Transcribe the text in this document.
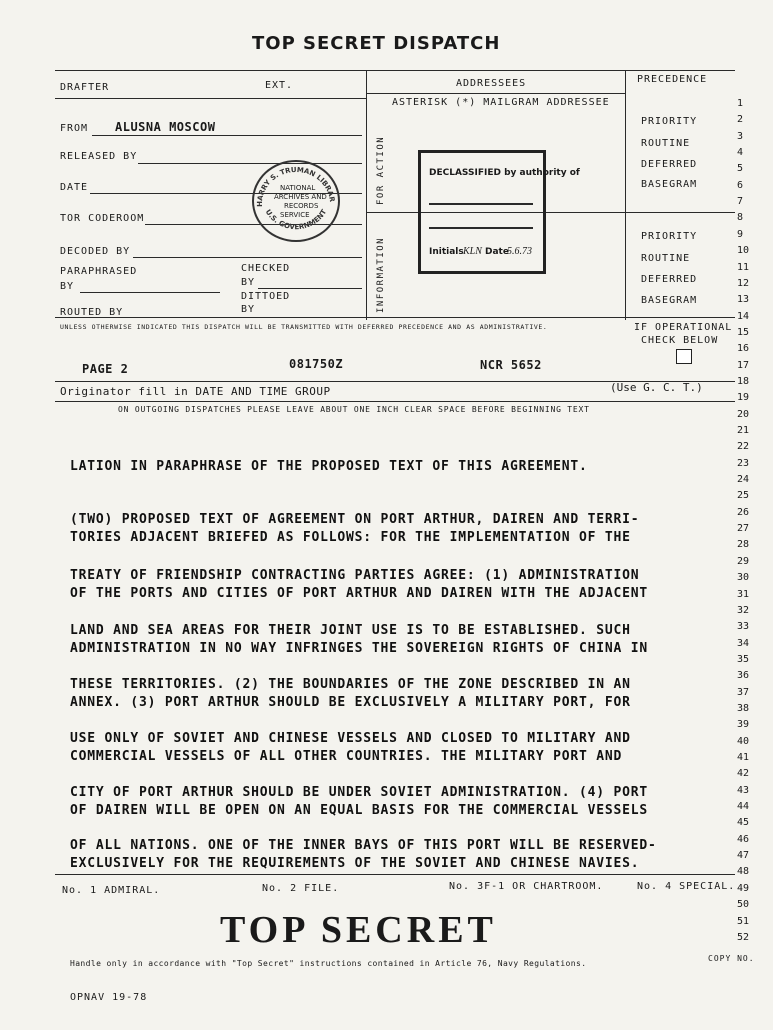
TOP SECRET DISPATCH
DRAFTER	EXT.	ADDRESSEES	PRECEDENCE
ASTERISK (*) MAILGRAM ADDRESSEE
FROM ALUSNA MOSCOW
RELEASED BY
DATE
TOR CODEROOM
DECODED BY
PARAPHRASED
BY
CHECKED
BY
DITTOED
BY
ROUTED BY
FOR ACTION
INFORMATION
PRIORITY
ROUTINE
DEFERRED
BASEGRAM
PRIORITY
ROUTINE
DEFERRED
BASEGRAM
HARRY S. TRUMAN LIBRAR
U.S. GOVERNMENT
NATIONAL
ARCHIVES AND
RECORDS
SERVICE
DECLASSIFIED by authority of
Initials KLN Date
5.6.73
UNLESS OTHERWISE INDICATED THIS DISPATCH WILL BE TRANSMITTED WITH DEFERRED PRECEDENCE AND AS ADMINISTRATIVE.	IF OPERATIONAL
CHECK BELOW
PAGE 2	081750Z	NCR 5652
Originator fill in DATE AND TIME GROUP	(Use G. C. T.)
ON OUTGOING DISPATCHES PLEASE LEAVE ABOUT ONE INCH CLEAR SPACE BEFORE BEGINNING TEXT
LATION IN PARAPHRASE OF THE PROPOSED TEXT OF THIS AGREEMENT.
(TWO) PROPOSED TEXT OF AGREEMENT ON PORT ARTHUR, DAIREN AND TERRI-
TORIES ADJACENT BRIEFED AS FOLLOWS: FOR THE IMPLEMENTATION OF THE
TREATY OF FRIENDSHIP CONTRACTING PARTIES AGREE: (1) ADMINISTRATION
OF THE PORTS AND CITIES OF PORT ARTHUR AND DAIREN WITH THE ADJACENT
LAND AND SEA AREAS FOR THEIR JOINT USE IS TO BE ESTABLISHED. SUCH
ADMINISTRATION IN NO WAY INFRINGES THE SOVEREIGN RIGHTS OF CHINA IN
THESE TERRITORIES. (2) THE BOUNDARIES OF THE ZONE DESCRIBED IN AN
ANNEX. (3) PORT ARTHUR SHOULD BE EXCLUSIVELY A MILITARY PORT, FOR
USE ONLY OF SOVIET AND CHINESE VESSELS AND CLOSED TO MILITARY AND
COMMERCIAL VESSELS OF ALL OTHER COUNTRIES. THE MILITARY PORT AND
CITY OF PORT ARTHUR SHOULD BE UNDER SOVIET ADMINISTRATION. (4) PORT
OF DAIREN WILL BE OPEN ON AN EQUAL BASIS FOR THE COMMERCIAL VESSELS
OF ALL NATIONS. ONE OF THE INNER BAYS OF THIS PORT WILL BE RESERVED-
EXCLUSIVELY FOR THE REQUIREMENTS OF THE SOVIET AND CHINESE NAVIES.
No. 1 ADMIRAL.	No. 2 FILE.	No. 3F-1 OR CHARTROOM.	No. 4 SPECIAL.
TOP SECRET
Handle only in accordance with "Top Secret" instructions contained in Article 76, Navy Regulations.
COPY NO.
OPNAV 19-78
1
2
3
4
5
6
7
8
9
10
11
12
13
14
15
16
17
18
19
20
21
22
23
24
25
26
27
28
29
30
31
32
33
34
35
36
37
38
39
40
41
42
43
44
45
46
47
48
49
50
51
52
